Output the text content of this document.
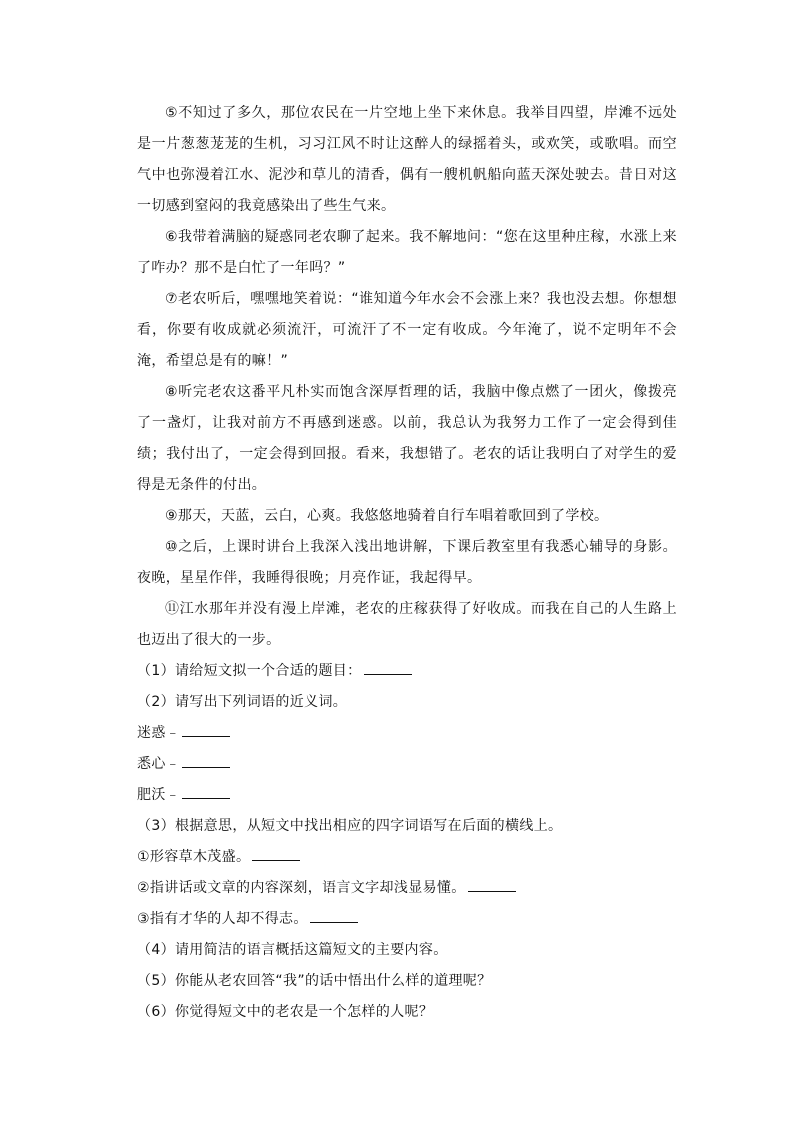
⑤不知过了多久，那位农民在一片空地上坐下来休息。我举目四望，岸滩不远处是一片葱葱茏茏的生机，习习江风不时让这醉人的绿摇着头，或欢笑，或歌唱。而空气中也弥漫着江水、泥沙和草儿的清香，偶有一艘机帆船向蓝天深处驶去。昔日对这一切感到窒闷的我竟感染出了些生气来。

⑥我带着满脑的疑惑同老农聊了起来。我不解地问：“您在这里种庄稼，水涨上来了咋办？那不是白忙了一年吗？”

⑦老农听后，嘿嘿地笑着说：“谁知道今年水会不会涨上来？我也没去想。你想想看，你要有收成就必须流汗，可流汗了不一定有收成。今年淹了，说不定明年不会淹，希望总是有的嘛！”

⑧听完老农这番平凡朴实而饱含深厚哲理的话，我脑中像点燃了一团火，像拨亮了一盏灯，让我对前方不再感到迷惑。以前，我总认为我努力工作了一定会得到佳绩；我付出了，一定会得到回报。看来，我想错了。老农的话让我明白了对学生的爱得是无条件的付出。

⑨那天，天蓝，云白，心爽。我悠悠地骑着自行车唱着歌回到了学校。

⑩之后，上课时讲台上我深入浅出地讲解，下课后教室里有我悉心辅导的身影。夜晚，星星作伴，我睡得很晚；月亮作证，我起得早。

⑪江水那年并没有漫上岸滩，老农的庄稼获得了好收成。而我在自己的人生路上也迈出了很大的一步。

（1）请给短文拟一个合适的题目：

（2）请写出下列词语的近义词。

迷惑﹣

悉心﹣

肥沃﹣

（3）根据意思，从短文中找出相应的四字词语写在后面的横线上。

①形容草木茂盛。

②指讲话或文章的内容深刻，语言文字却浅显易懂。

③指有才华的人却不得志。

（4）请用简洁的语言概括这篇短文的主要内容。

（5）你能从老农回答“我”的话中悟出什么样的道理呢？

（6）你觉得短文中的老农是一个怎样的人呢？
